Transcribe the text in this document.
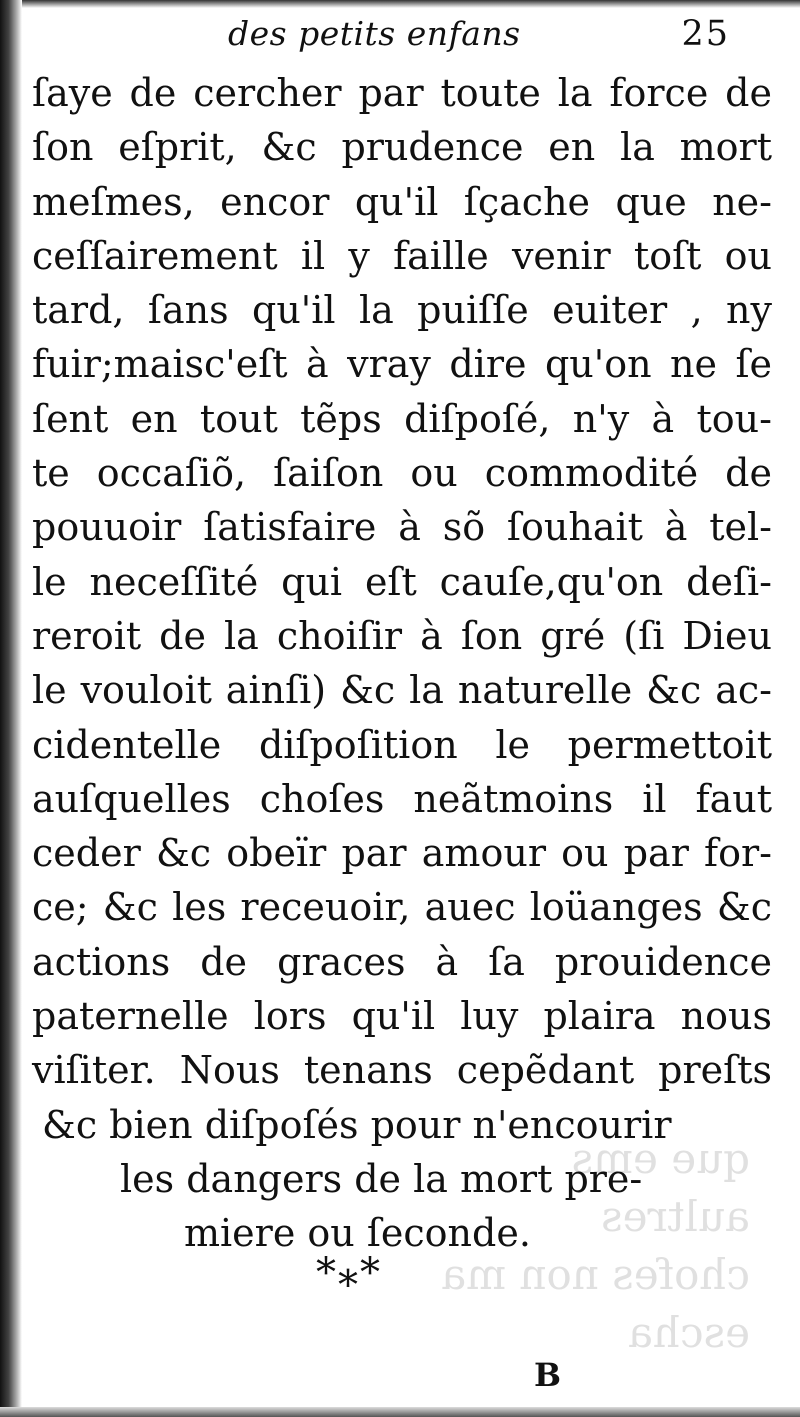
que ems
aultres
chofes non ma
escha

des petits enfans	25
ſaye de cercher par toute la force de
ſon eſprit, &c prudence en la mort
meſmes, encor qu'il ſçache que ne-
ceſſairement il y faille venir toſt ou
tard, ſans qu'il la puiſſe euiter , ny
fuir;maisc'eſt à vray dire qu'on ne ſe
ſent en tout tẽps diſpoſé, n'y à tou-
te occaſiõ, ſaiſon ou commodité de
pouuoir ſatisfaire à sõ ſouhait à tel-
le neceſſité qui eſt cauſe,qu'on deſi-
reroit de la choiſir à ſon gré (ſi Dieu
le vouloit ainſi) &c la naturelle &c ac-
cidentelle diſpoſition le permettoit
auſquelles choſes neãtmoins il faut
ceder &c obeïr par amour ou par for-
ce; &c les receuoir, auec loüanges &c
actions de graces à ſa prouidence
paternelle lors qu'il luy plaira nous
viſiter. Nous tenans cepẽdant preſts
&c bien diſpoſés pour n'encourir
les dangers de la mort pre-
miere ou ſeconde.
*⁎*
B
